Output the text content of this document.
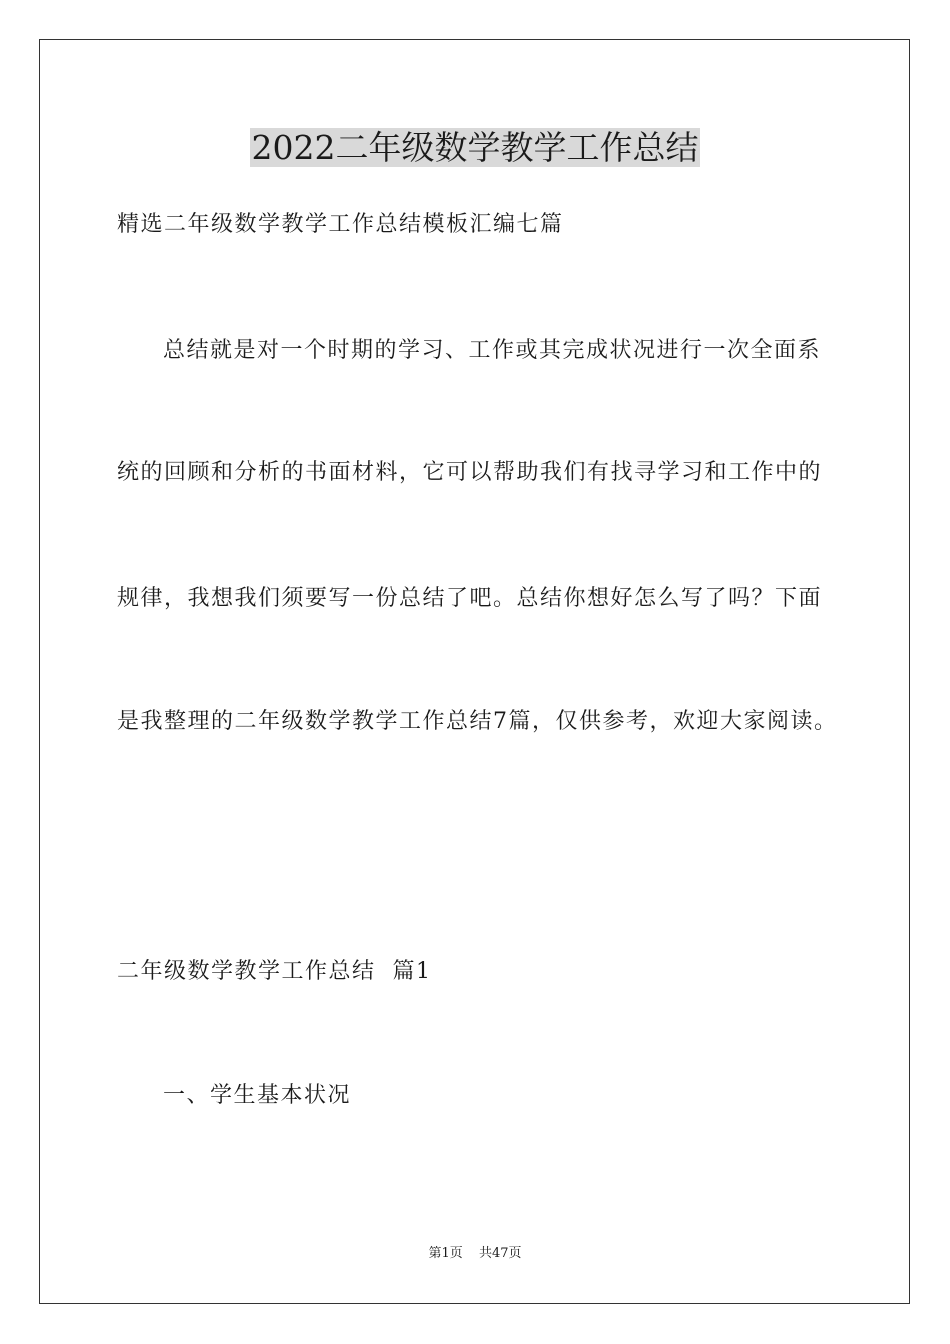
2022二年级数学教学工作总结
精选二年级数学教学工作总结模板汇编七篇
总结就是对一个时期的学习、工作或其完成状况进行一次全面系
统的回顾和分析的书面材料，它可以帮助我们有找寻学习和工作中的
规律，我想我们须要写一份总结了吧。总结你想好怎么写了吗？下面
是我整理的二年级数学教学工作总结7篇，仅供参考，欢迎大家阅读。
二年级数学教学工作总结  篇1
一、学生基本状况
第1页 共47页
